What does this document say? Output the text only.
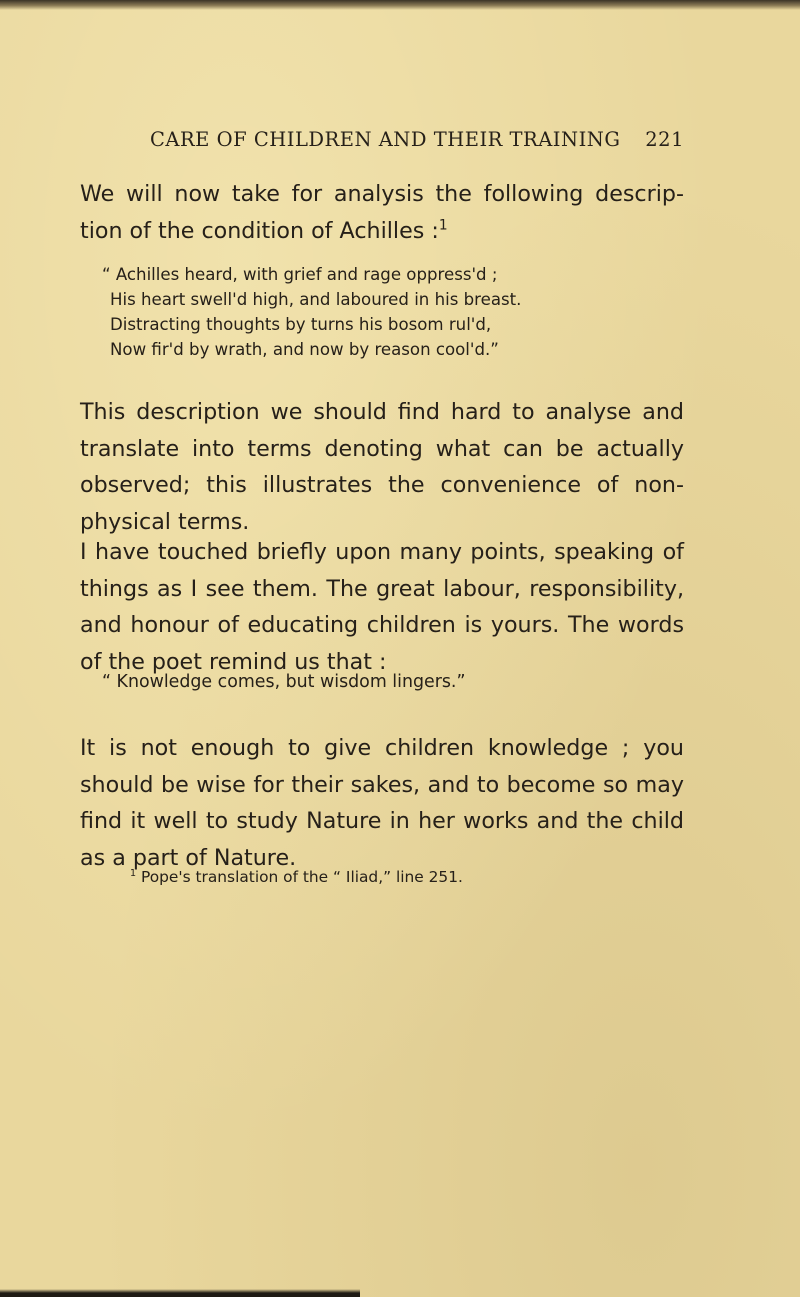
CARE OF CHILDREN AND THEIR TRAINING 221

We will now take for analysis the following descrip-
tion of the condition of Achilles :$^1$

“ Achilles heard, with grief and rage oppress'd ;
His heart swell'd high, and laboured in his breast.
Distracting thoughts by turns his bosom rul'd,
Now fir'd by wrath, and now by reason cool'd.”

This description we should find hard to analyse and
translate into terms denoting what can be actually
observed; this illustrates the convenience of non-
physical terms.

I have touched briefly upon many points, speaking of
things as I see them. The great labour, responsibility,
and honour of educating children is yours. The words
of the poet remind us that :

“ Knowledge comes, but wisdom lingers.”

It is not enough to give children knowledge ; you
should be wise for their sakes, and to become so may
find it well to study Nature in her works and the child
as a part of Nature.

$^1$ Pope's translation of the “ Iliad,” line 251.
